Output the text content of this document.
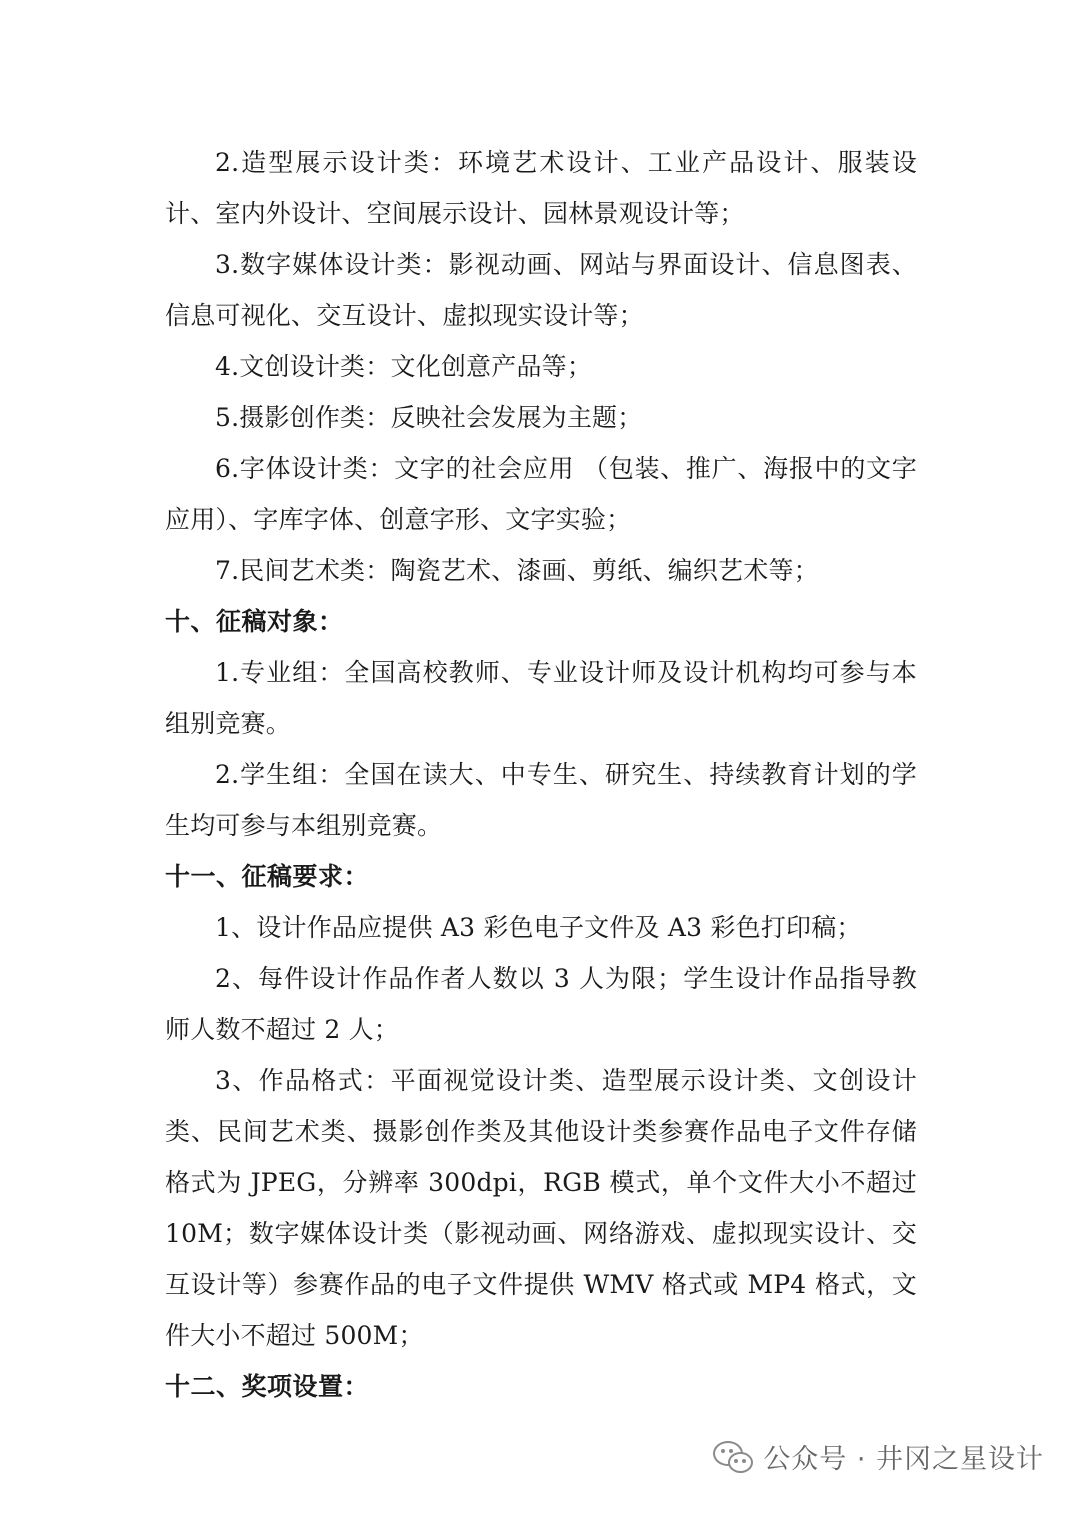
2.造型展示设计类：环境艺术设计、工业产品设计、服装设计、室内外设计、空间展示设计、园林景观设计等；

3.数字媒体设计类：影视动画、网站与界面设计、信息图表、信息可视化、交互设计、虚拟现实设计等；

4.文创设计类：文化创意产品等；

5.摄影创作类：反映社会发展为主题；

6.字体设计类：文字的社会应用 （包装、推广、海报中的文字应用）、字库字体、创意字形、文字实验；

7.民间艺术类：陶瓷艺术、漆画、剪纸、编织艺术等；

十、征稿对象：

1.专业组：全国高校教师、专业设计师及设计机构均可参与本组别竞赛。

2.学生组：全国在读大、中专生、研究生、持续教育计划的学生均可参与本组别竞赛。

十一、征稿要求：

1、设计作品应提供 A3 彩色电子文件及 A3 彩色打印稿；

2、每件设计作品作者人数以 3 人为限；学生设计作品指导教师人数不超过 2 人；

3、作品格式：平面视觉设计类、造型展示设计类、文创设计类、民间艺术类、摄影创作类及其他设计类参赛作品电子文件存储格式为 JPEG，分辨率 300dpi，RGB 模式，单个文件大小不超过 10M；数字媒体设计类（影视动画、网络游戏、虚拟现实设计、交互设计等）参赛作品的电子文件提供 WMV 格式或 MP4 格式，文件大小不超过 500M；

十二、奖项设置：

公众号 · 井冈之星设计
